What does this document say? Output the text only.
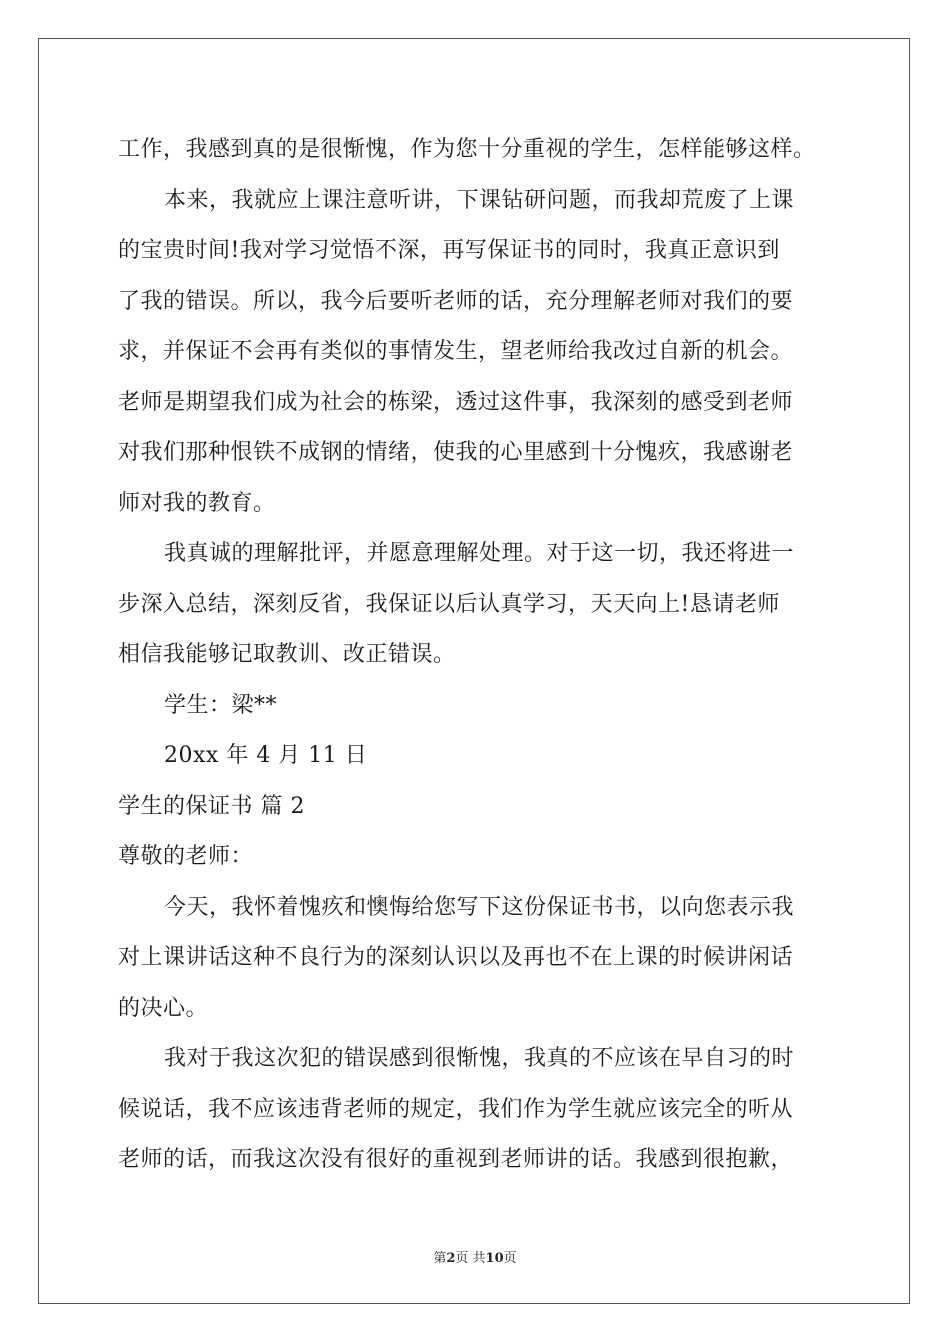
工作，我感到真的是很惭愧，作为您十分重视的学生，怎样能够这样。
本来，我就应上课注意听讲，下课钻研问题，而我却荒废了上课
的宝贵时间!我对学习觉悟不深，再写保证书的同时，我真正意识到
了我的错误。所以，我今后要听老师的话，充分理解老师对我们的要
求，并保证不会再有类似的事情发生，望老师给我改过自新的机会。
老师是期望我们成为社会的栋梁，透过这件事，我深刻的感受到老师
对我们那种恨铁不成钢的情绪，使我的心里感到十分愧疚，我感谢老
师对我的教育。
我真诚的理解批评，并愿意理解处理。对于这一切，我还将进一
步深入总结，深刻反省，我保证以后认真学习，天天向上!恳请老师
相信我能够记取教训、改正错误。
学生：梁**
20xx 年 4 月 11 日
学生的保证书 篇 2
尊敬的老师：
今天，我怀着愧疚和懊悔给您写下这份保证书书，以向您表示我
对上课讲话这种不良行为的深刻认识以及再也不在上课的时候讲闲话
的决心。
我对于我这次犯的错误感到很惭愧，我真的不应该在早自习的时
候说话，我不应该违背老师的规定，我们作为学生就应该完全的听从
老师的话，而我这次没有很好的重视到老师讲的话。我感到很抱歉，
第2页 共10页
